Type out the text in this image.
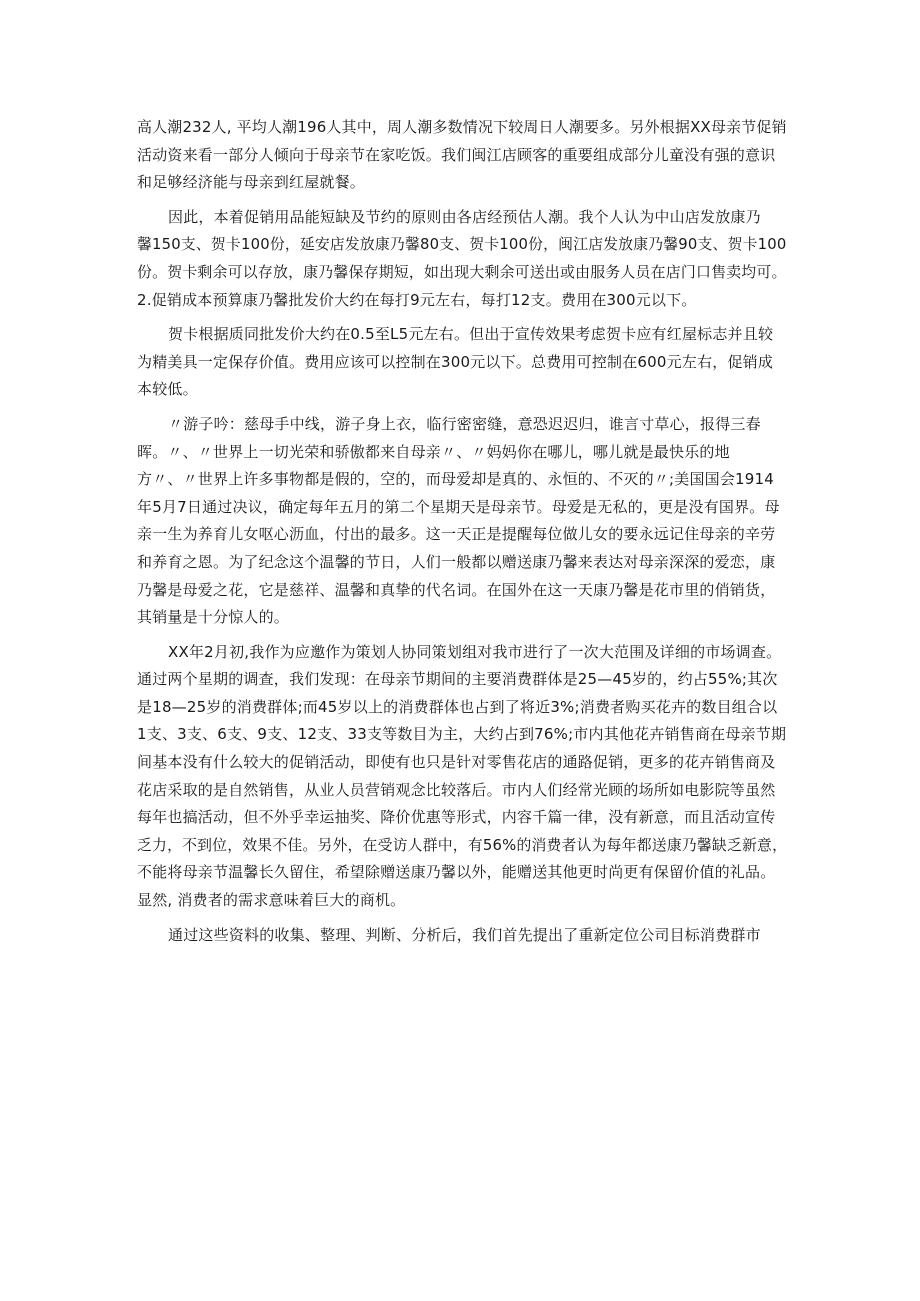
高人潮232人, 平均人潮196人其中，周人潮多数情况下较周日人潮要多。另外根据XX母亲节促销
活动资来看一部分人倾向于母亲节在家吃饭。我们闽江店顾客的重要组成部分儿童没有强的意识
和足够经济能与母亲到红屋就餐。
因此，本着促销用品能短缺及节约的原则由各店经预估人潮。我个人认为中山店发放康乃
馨150支、贺卡100份，延安店发放康乃馨80支、贺卡100份，闽江店发放康乃馨90支、贺卡100
份。贺卡剩余可以存放，康乃馨保存期短，如出现大剩余可送出或由服务人员在店门口售卖均可。
2.促销成本预算康乃馨批发价大约在每打9元左右，每打12支。费用在300元以下。
贺卡根据质同批发价大约在0.5至L5元左右。但出于宣传效果考虑贺卡应有红屋标志并且较
为精美具一定保存价值。费用应该可以控制在300元以下。总费用可控制在600元左右，促销成
本较低。
〃游子吟：慈母手中线，游子身上衣，临行密密缝，意恐迟迟归，谁言寸草心，报得三春
晖。〃、〃世界上一切光荣和骄傲都来自母亲〃、〃妈妈你在哪儿，哪儿就是最快乐的地
方〃、〃世界上许多事物都是假的，空的，而母爱却是真的、永恒的、不灭的〃;美国国会1914
年5月7日通过决议，确定每年五月的第二个星期天是母亲节。母爱是无私的，更是没有国界。母
亲一生为养育儿女呕心沥血，付出的最多。这一天正是提醒每位做儿女的要永远记住母亲的辛劳
和养育之恩。为了纪念这个温馨的节日，人们一般都以赠送康乃馨来表达对母亲深深的爱恋，康
乃馨是母爱之花，它是慈祥、温馨和真挚的代名词。在国外在这一天康乃馨是花市里的俏销货，
其销量是十分惊人的。
XX年2月初,我作为应邀作为策划人协同策划组对我市进行了一次大范围及详细的市场调查。
通过两个星期的调查，我们发现：在母亲节期间的主要消费群体是25—45岁的，约占55%;其次
是18—25岁的消费群体;而45岁以上的消费群体也占到了将近3%;消费者购买花卉的数目组合以
1支、3支、6支、9支、12支、33支等数目为主，大约占到76%;市内其他花卉销售商在母亲节期
间基本没有什么较大的促销活动，即使有也只是针对零售花店的通路促销，更多的花卉销售商及
花店采取的是自然销售，从业人员营销观念比较落后。市内人们经常光顾的场所如电影院等虽然
每年也搞活动，但不外乎幸运抽奖、降价优惠等形式，内容千篇一律，没有新意，而且活动宣传
乏力，不到位，效果不佳。另外，在受访人群中，有56%的消费者认为每年都送康乃馨缺乏新意，
不能将母亲节温馨长久留住，希望除赠送康乃馨以外，能赠送其他更时尚更有保留价值的礼品。
显然, 消费者的需求意味着巨大的商机。
通过这些资料的收集、整理、判断、分析后，我们首先提出了重新定位公司目标消费群市
